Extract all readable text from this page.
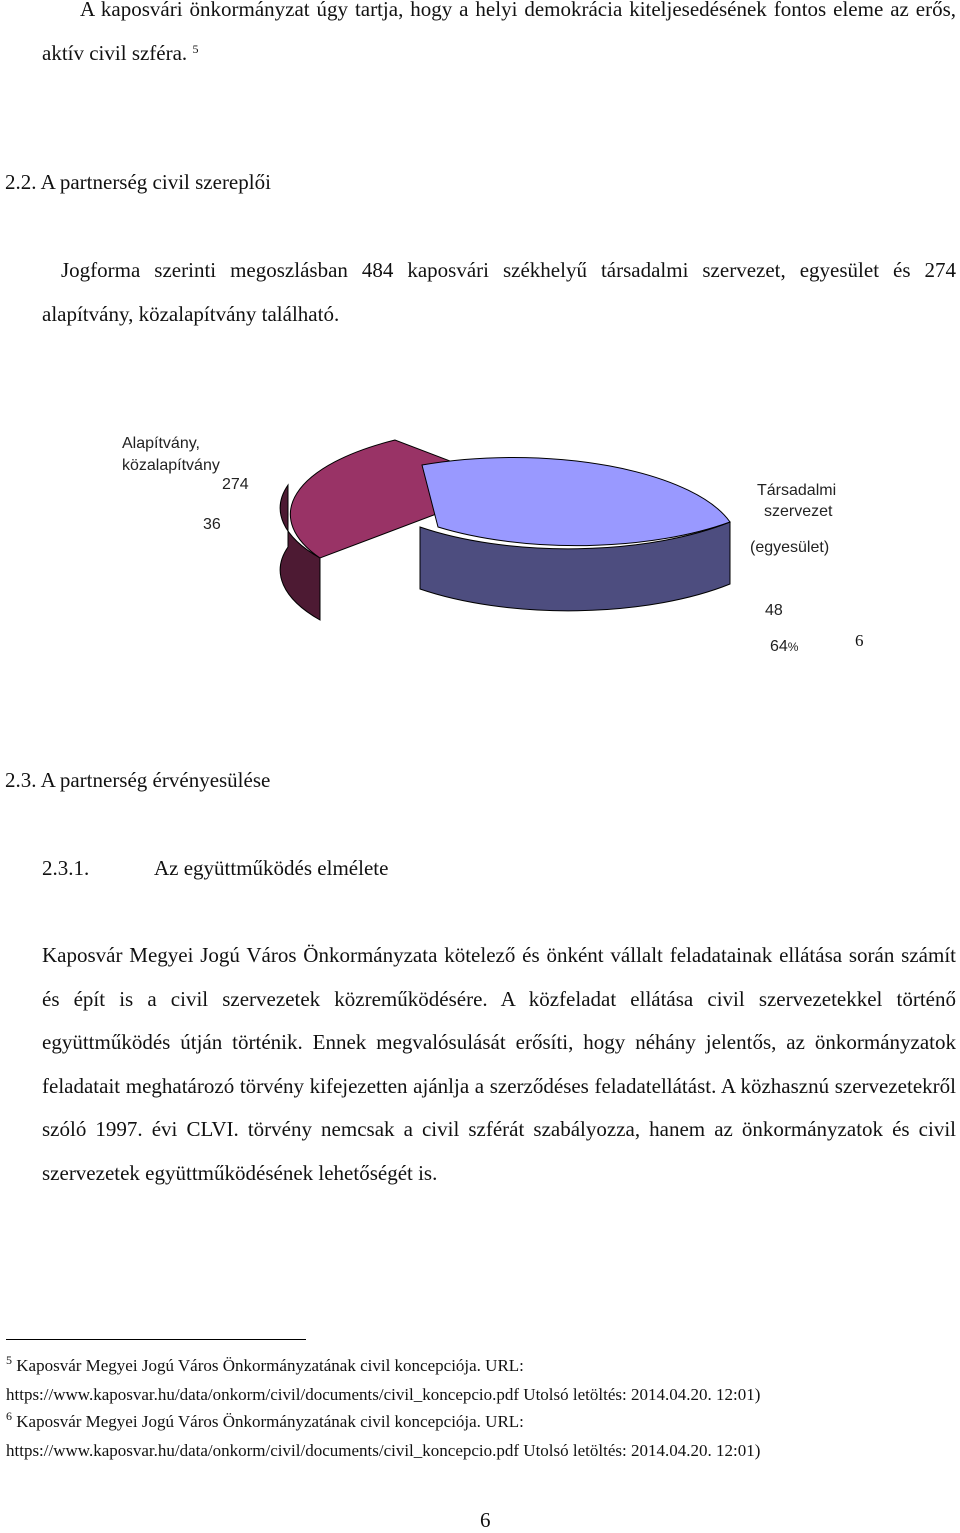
A kaposvári önkormányzat úgy tartja, hogy a helyi demokrácia kiteljesedésének fontos eleme az erős, aktív civil szféra. $^5$
2.2. A partnerség civil szereplői
Jogforma szerinti megoszlásban 484 kaposvári székhelyű társadalmi szervezet, egyesület és 274 alapítvány, közalapítvány található.
Alapítvány,
közalapítvány
274
36
Társadalmi
szervezet
(egyesület)
48
64%	6
2.3. A partnerség érvényesülése
2.3.1.	Az együttműködés elmélete
Kaposvár Megyei Jogú Város Önkormányzata kötelező és önként vállalt feladatainak ellátása során számít és épít is a civil szervezetek közreműködésére. A közfeladat ellátása civil szervezetekkel történő együttműködés útján történik. Ennek megvalósulását erősíti, hogy néhány jelentős, az önkormányzatok feladatait meghatározó törvény kifejezetten ajánlja a szerződéses feladatellátást. A közhasznú szervezetekről szóló 1997. évi CLVI. törvény nemcsak a civil szférát szabályozza, hanem az önkormányzatok és civil szervezetek együttműködésének lehetőségét is.
$^5$ Kaposvár Megyei Jogú Város Önkormányzatának civil koncepciója. URL:
https://www.kaposvar.hu/data/onkorm/civil/documents/civil_koncepcio.pdf Utolsó letöltés: 2014.04.20. 12:01)
$^6$ Kaposvár Megyei Jogú Város Önkormányzatának civil koncepciója. URL:
https://www.kaposvar.hu/data/onkorm/civil/documents/civil_koncepcio.pdf Utolsó letöltés: 2014.04.20. 12:01)
6
